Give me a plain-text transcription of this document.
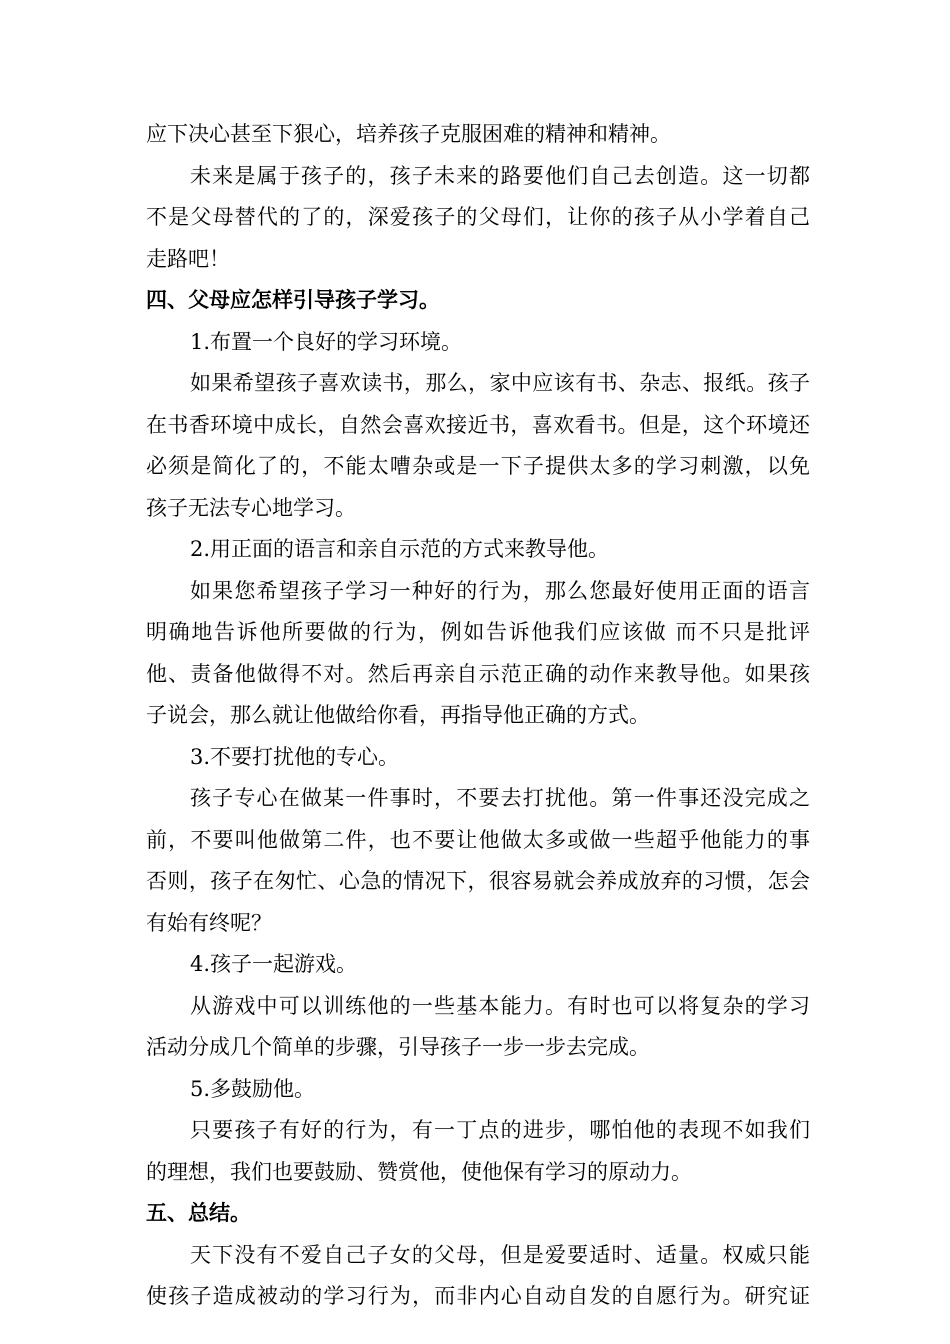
应下决心甚至下狠心，培养孩子克服困难的精神和精神。
未来是属于孩子的，孩子未来的路要他们自己去创造。这一切都
不是父母替代的了的，深爱孩子的父母们，让你的孩子从小学着自己
走路吧！
四、父母应怎样引导孩子学习。
1.布置一个良好的学习环境。
如果希望孩子喜欢读书，那么，家中应该有书、杂志、报纸。孩子
在书香环境中成长，自然会喜欢接近书，喜欢看书。但是，这个环境还
必须是简化了的，不能太嘈杂或是一下子提供太多的学习刺激，以免
孩子无法专心地学习。
2.用正面的语言和亲自示范的方式来教导他。
如果您希望孩子学习一种好的行为，那么您最好使用正面的语言
明确地告诉他所要做的行为，例如告诉他我们应该做 而不只是批评
他、责备他做得不对。然后再亲自示范正确的动作来教导他。如果孩
子说会，那么就让他做给你看，再指导他正确的方式。
3.不要打扰他的专心。
孩子专心在做某一件事时，不要去打扰他。第一件事还没完成之
前，不要叫他做第二件，也不要让他做太多或做一些超乎他能力的事
否则，孩子在匆忙、心急的情况下，很容易就会养成放弃的习惯，怎会
有始有终呢？
4.孩子一起游戏。
从游戏中可以训练他的一些基本能力。有时也可以将复杂的学习
活动分成几个简单的步骤，引导孩子一步一步去完成。
5.多鼓励他。
只要孩子有好的行为，有一丁点的进步，哪怕他的表现不如我们
的理想，我们也要鼓励、赞赏他，使他保有学习的原动力。
五、总结。
天下没有不爱自己子女的父母，但是爱要适时、适量。权威只能
使孩子造成被动的学习行为，而非内心自动自发的自愿行为。研究证
